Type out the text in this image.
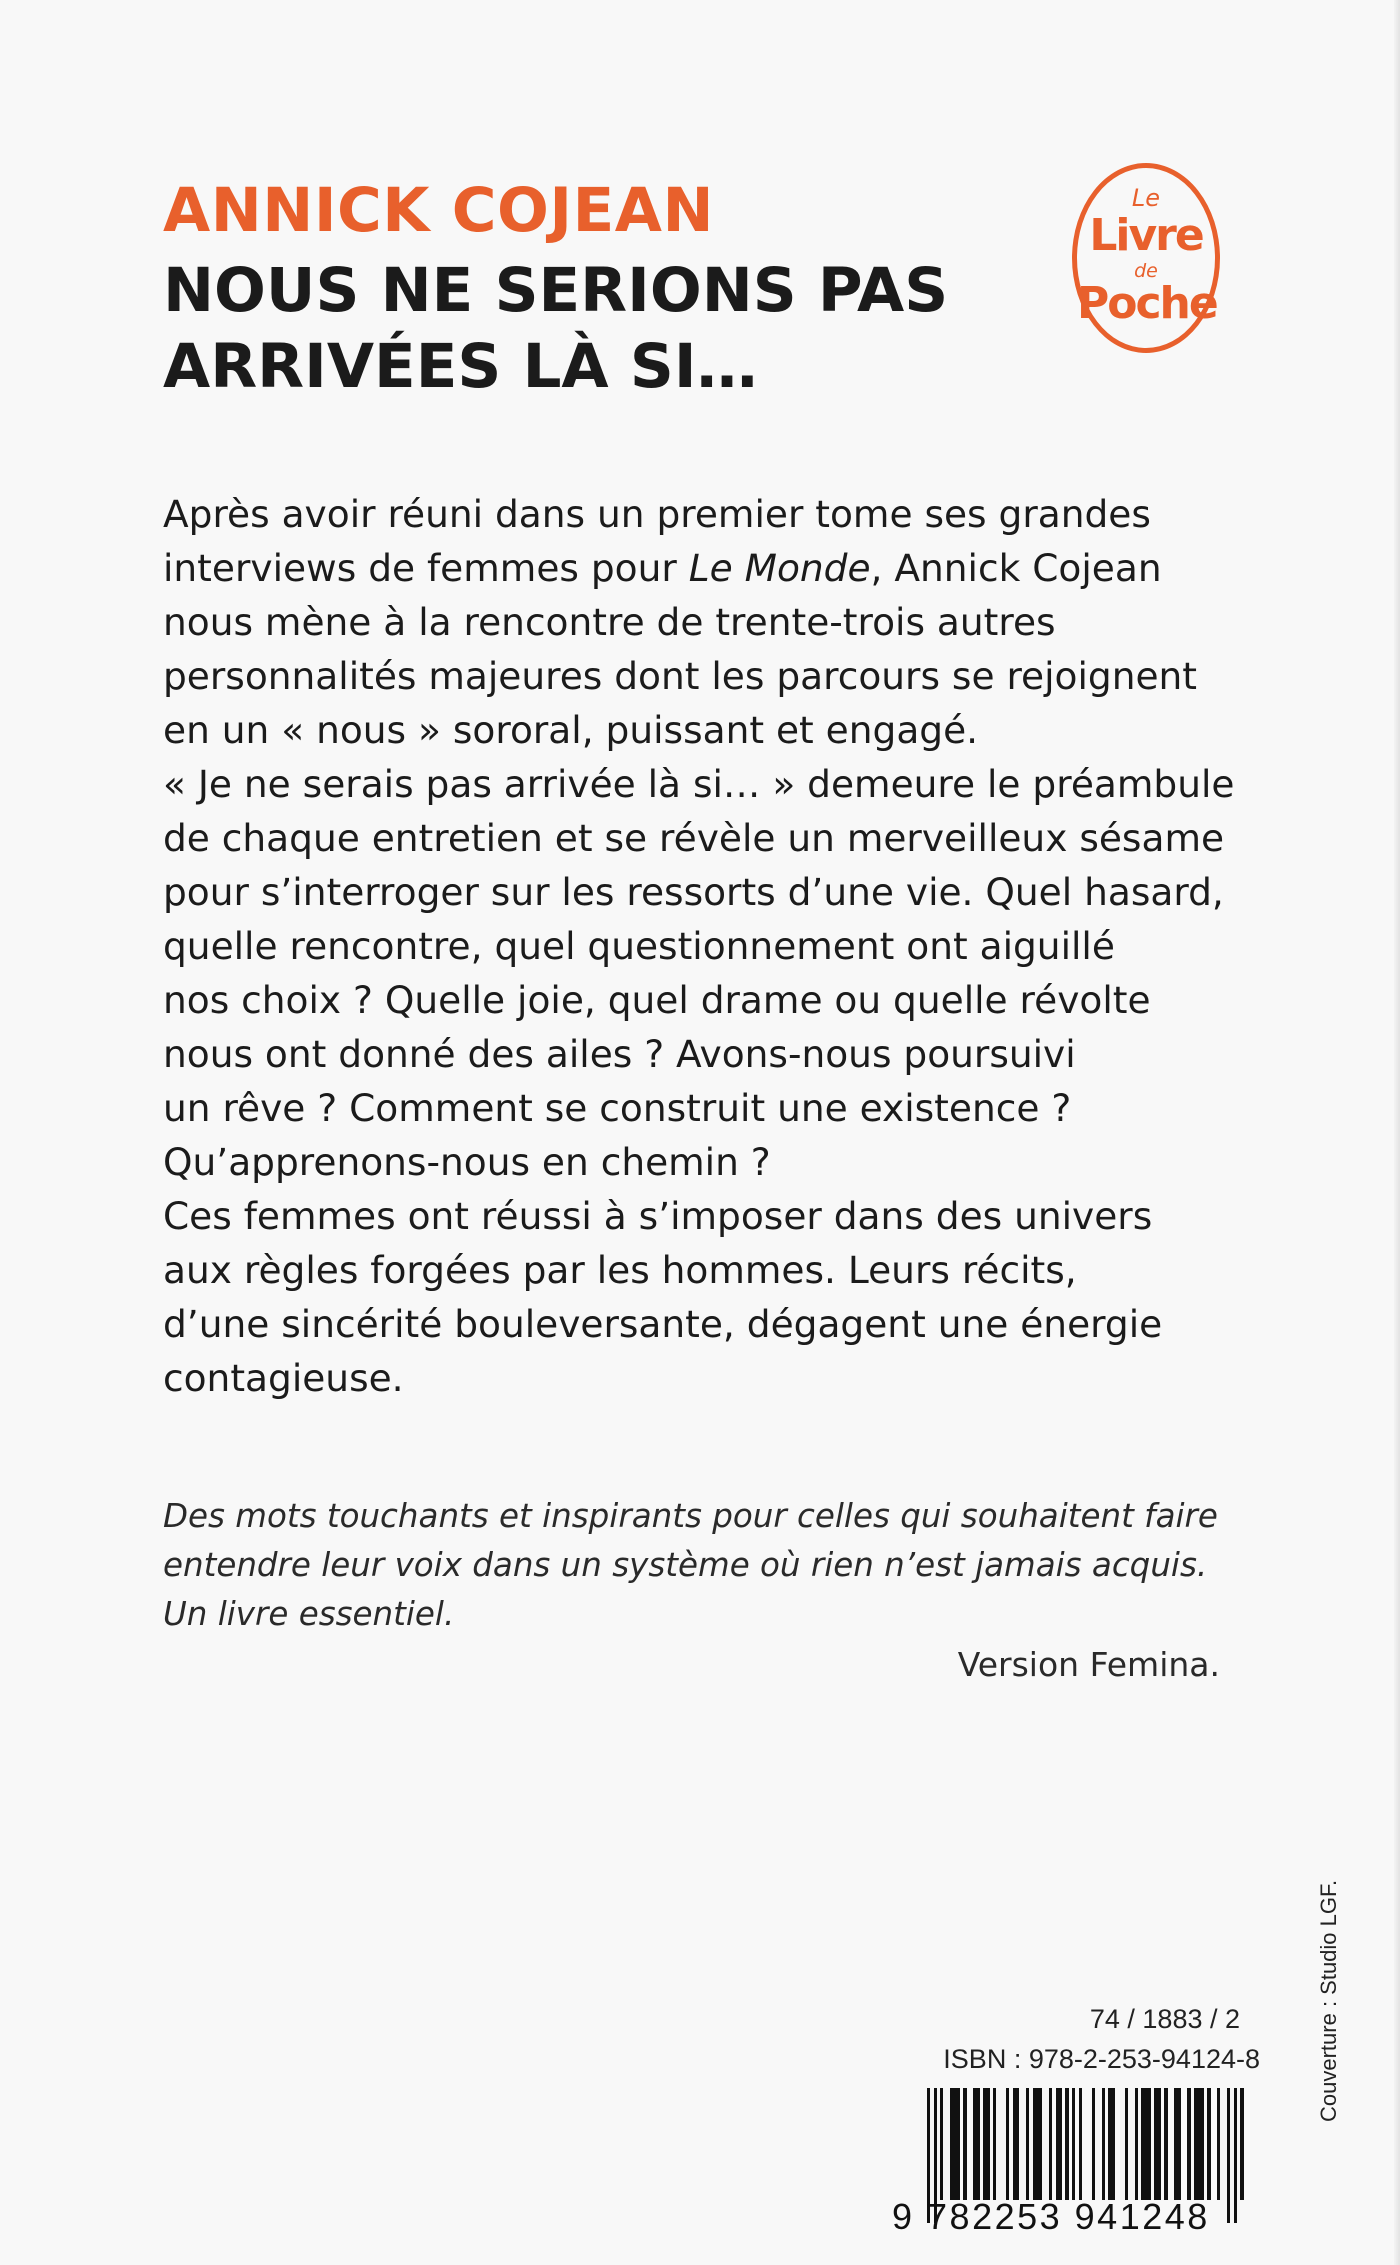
ANNICK COJEAN
NOUS NE SERIONS PAS
ARRIVÉES LÀ SI…
Le
Livre
de
Poche
Après avoir réuni dans un premier tome ses grandes
interviews de femmes pour Le Monde, Annick Cojean
nous mène à la rencontre de trente-trois autres
personnalités majeures dont les parcours se rejoignent
en un « nous » sororal, puissant et engagé.
« Je ne serais pas arrivée là si… » demeure le préambule
de chaque entretien et se révèle un merveilleux sésame
pour s’interroger sur les ressorts d’une vie. Quel hasard,
quelle rencontre, quel questionnement ont aiguillé
nos choix ? Quelle joie, quel drame ou quelle révolte
nous ont donné des ailes ? Avons-nous poursuivi
un rêve ? Comment se construit une existence ?
Qu’apprenons-nous en chemin ?
Ces femmes ont réussi à s’imposer dans des univers
aux règles forgées par les hommes. Leurs récits,
d’une sincérité bouleversante, dégagent une énergie
contagieuse.
Des mots touchants et inspirants pour celles qui souhaitent faire
entendre leur voix dans un système où rien n’est jamais acquis.
Un livre essentiel.
Version Femina.
Couverture : Studio LGF.
74 / 1883 / 2
ISBN : 978-2-253-94124-8
9 782253 941248
